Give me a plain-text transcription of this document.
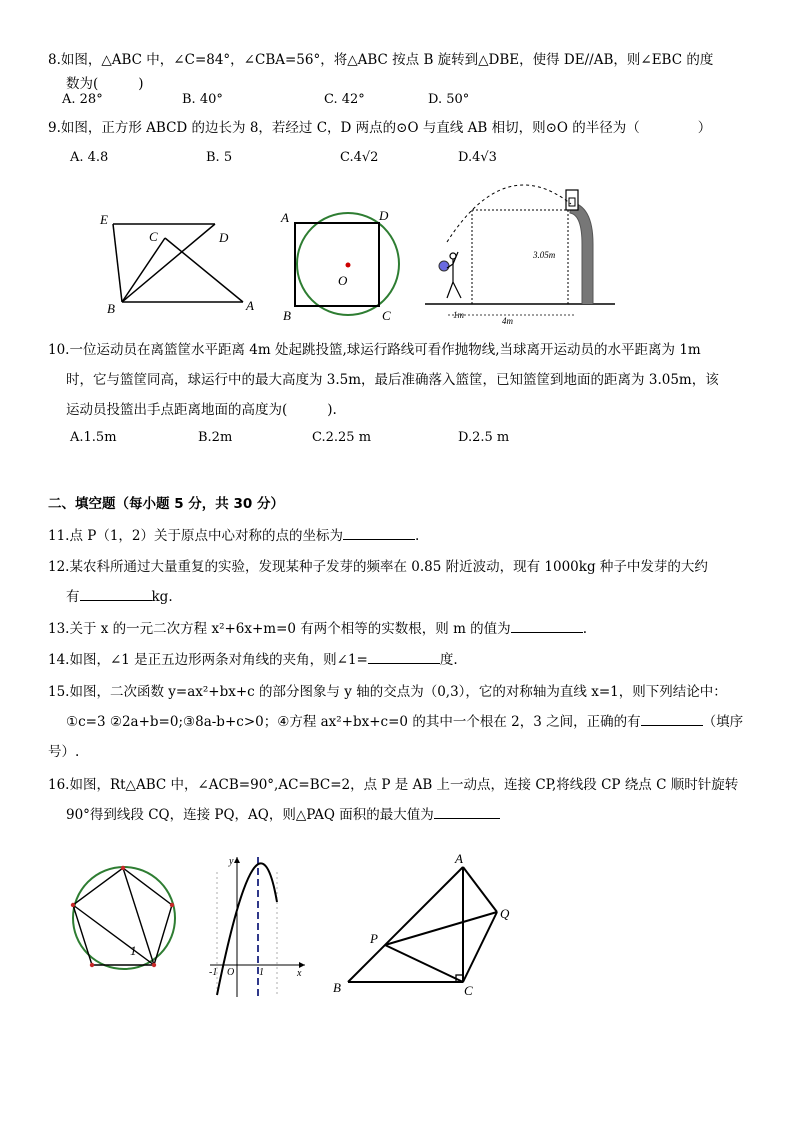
8.如图，△ABC 中，∠C=84°，∠CBA=56°，将△ABC 按点 B 旋转到△DBE，使得 DE//AB，则∠EBC 的度
数为(	)
A. 28°	B. 40°	C. 42°	D. 50°
9.如图，正方形 ABCD 的边长为 8，若经过 C，D 两点的⊙O 与直线 AB 相切，则⊙O 的半径为（	）
A. 4.8	B. 5	C.4√2	D.4√3
E
C	D
B	A
A	D
O
B	C
3.05m
1m
4m
10.一位运动员在离篮筐水平距离 4m 处起跳投篮,球运行路线可看作抛物线,当球离开运动员的水平距离为 1m
时，它与篮筐同高，球运行中的最大高度为 3.5m，最后准确落入篮筐，已知篮筐到地面的距离为 3.05m，该
运动员投篮出手点距离地面的高度为(	).
A.1.5m	B.2m	C.2.25 m	D.2.5 m
二、填空题（每小题 5 分，共 30 分）
11.点 P（1，2）关于原点中心对称的点的坐标为	.
12.某农科所通过大量重复的实验，发现某种子发芽的频率在 0.85 附近波动，现有 1000kg 种子中发芽的大约
有	kg.
13.关于 x 的一元二次方程 x²+6x+m=0 有两个相等的实数根，则 m 的值为	.
14.如图，∠1 是正五边形两条对角线的夹角，则∠1=	度.
15.如图，二次函数 y=ax²+bx+c 的部分图象与 y 轴的交点为（0,3），它的对称轴为直线 x=1，则下列结论中：
①c=3 ②2a+b=0;③8a-b+c>0；④方程 ax²+bx+c=0 的其中一个根在 2，3 之间，正确的有	（填序
号）.
16.如图，Rt△ABC 中，∠ACB=90°,AC=BC=2，点 P 是 AB 上一动点，连接 CP,将线段 CP 绕点 C 顺时针旋转
90°得到线段 CQ，连接 PQ，AQ，则△PAQ 面积的最大值为
1
y
-1 O 1	x
A
Q
P
B	C
